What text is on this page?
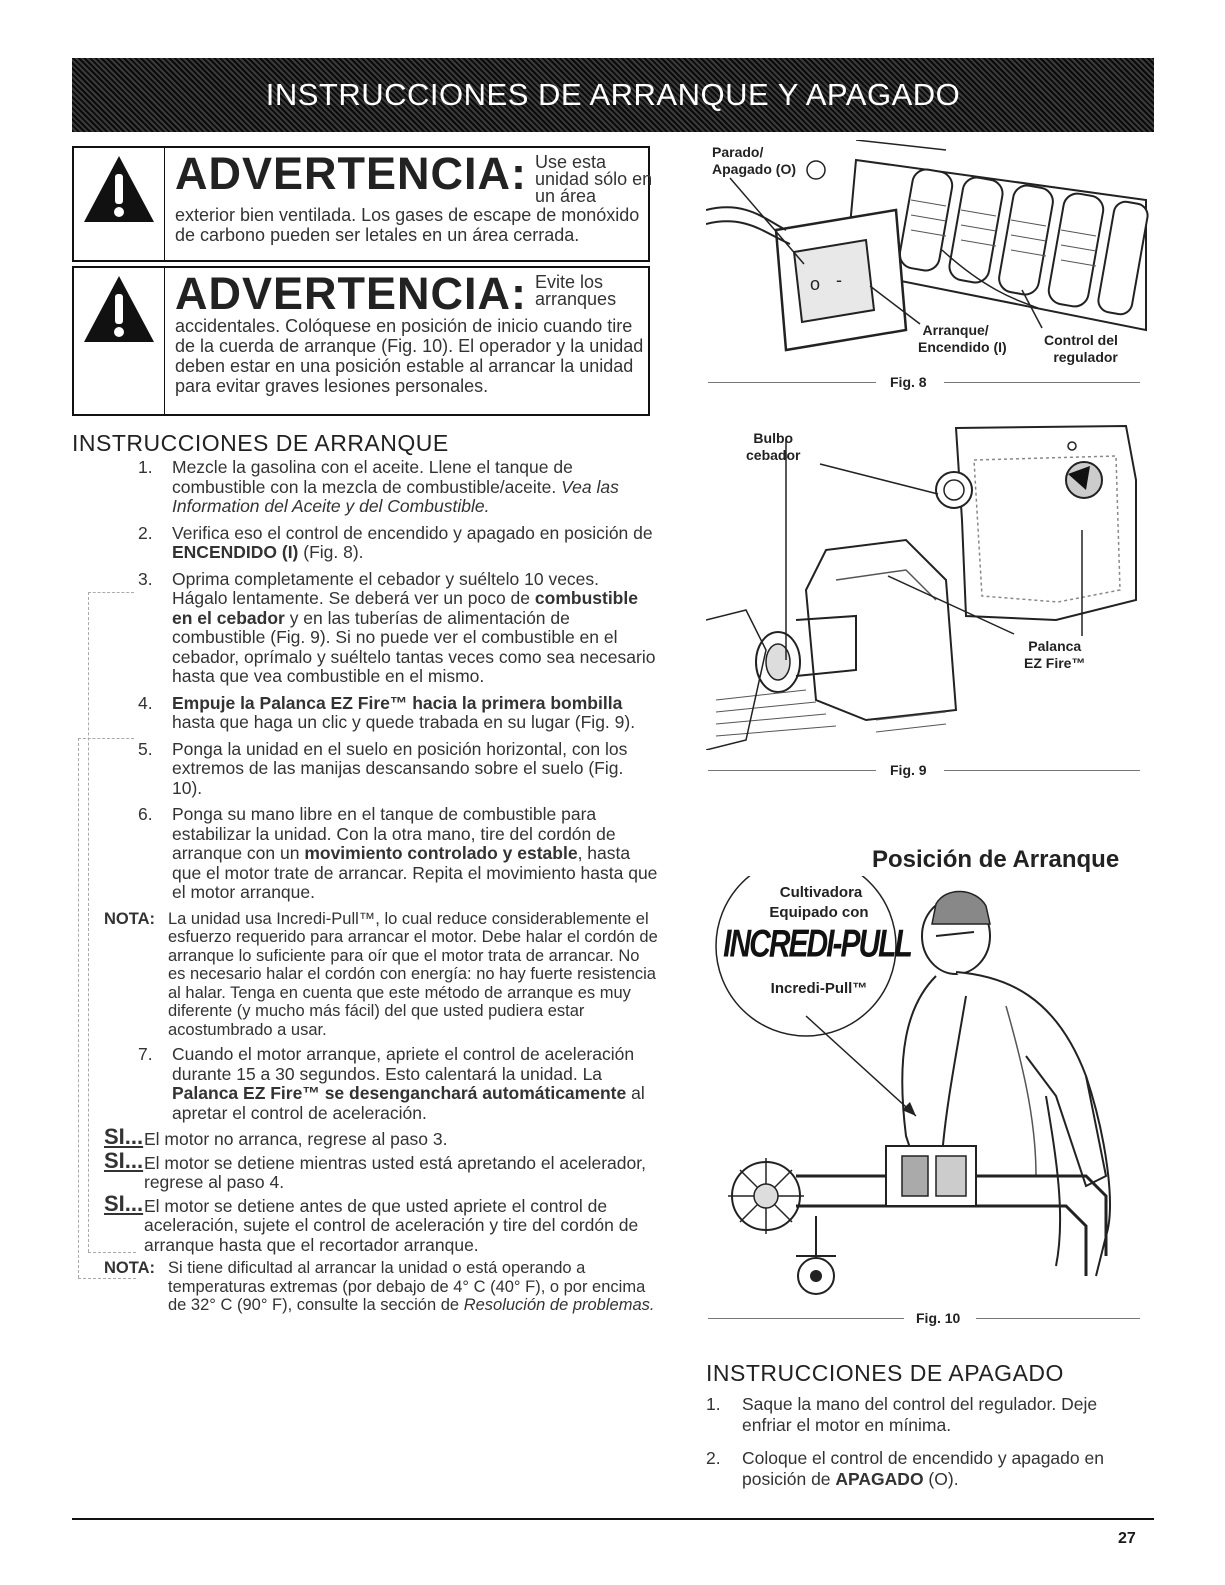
INSTRUCCIONES DE ARRANQUE Y APAGADO
ADVERTENCIA: Use esta unidad sólo en un área
exterior bien ventilada. Los gases de escape de monóxido de carbono pueden ser letales en un área cerrada.
ADVERTENCIA: Evite los arranques
accidentales. Colóquese en posición de inicio cuando tire de la cuerda de arranque (Fig. 10). El operador y la unidad deben estar en una posición estable al arrancar la unidad para evitar graves lesiones personales.
INSTRUCCIONES DE ARRANQUE
1. Mezcle la gasolina con el aceite. Llene el tanque de combustible con la mezcla de combustible/aceite. Vea las Information del Aceite y del Combustible.
2. Verifica eso el control de encendido y apagado en posición de ENCENDIDO (I) (Fig. 8).
3. Oprima completamente el cebador y suéltelo 10 veces. Hágalo lentamente. Se deberá ver un poco de combustible en el cebador y en las tuberías de alimentación de combustible (Fig. 9). Si no puede ver el combustible en el cebador, oprímalo y suéltelo tantas veces como sea necesario hasta que vea combustible en el mismo.
4. Empuje la Palanca EZ Fire™ hacia la primera bombilla hasta que haga un clic y quede trabada en su lugar (Fig. 9).
5. Ponga la unidad en el suelo en posición horizontal, con los extremos de las manijas descansando sobre el suelo (Fig. 10).
6. Ponga su mano libre en el tanque de combustible para estabilizar la unidad. Con la otra mano, tire del cordón de arranque con un movimiento controlado y estable, hasta que el motor trate de arrancar. Repita el movimiento hasta que el motor arranque.
NOTA: La unidad usa Incredi-Pull™, lo cual reduce considerablemente el esfuerzo requerido para arrancar el motor. Debe halar el cordón de arranque lo suficiente para oír que el motor trata de arrancar. No es necesario halar el cordón con energía: no hay fuerte resistencia al halar. Tenga en cuenta que este método de arranque es muy diferente (y mucho más fácil) del que usted pudiera estar acostumbrado a usar.
7. Cuando el motor arranque, apriete el control de aceleración durante 15 a 30 segundos. Esto calentará la unidad. La Palanca EZ Fire™ se desenganchará automáticamente al apretar el control de aceleración.
SI... El motor no arranca, regrese al paso 3.
SI... El motor se detiene mientras usted está apretando el acelerador, regrese al paso 4.
SI... El motor se detiene antes de que usted apriete el control de aceleración, sujete el control de aceleración y tire del cordón de arranque hasta que el recortador arranque.
NOTA: Si tiene dificultad al arrancar la unidad o está operando a temperaturas extremas (por debajo de 4° C (40° F), o por encima de 32° C (90° F), consulte la sección de Resolución de problemas.
o -
Parado/
Apagado (O)
Arranque/
Encendido (I)	Control del
regulador
Fig. 8
Bulbo
cebador
Palanca
EZ Fire™
Fig. 9
Posición de Arranque
Cultivadora
Equipado con
INCREDI-PULL
Incredi-Pull™
Fig. 10
INSTRUCCIONES DE APAGADO
1. Saque la mano del control del regulador. Deje enfriar el motor en mínima.
2. Coloque el control de encendido y apagado en posición de APAGADO (O).
27
